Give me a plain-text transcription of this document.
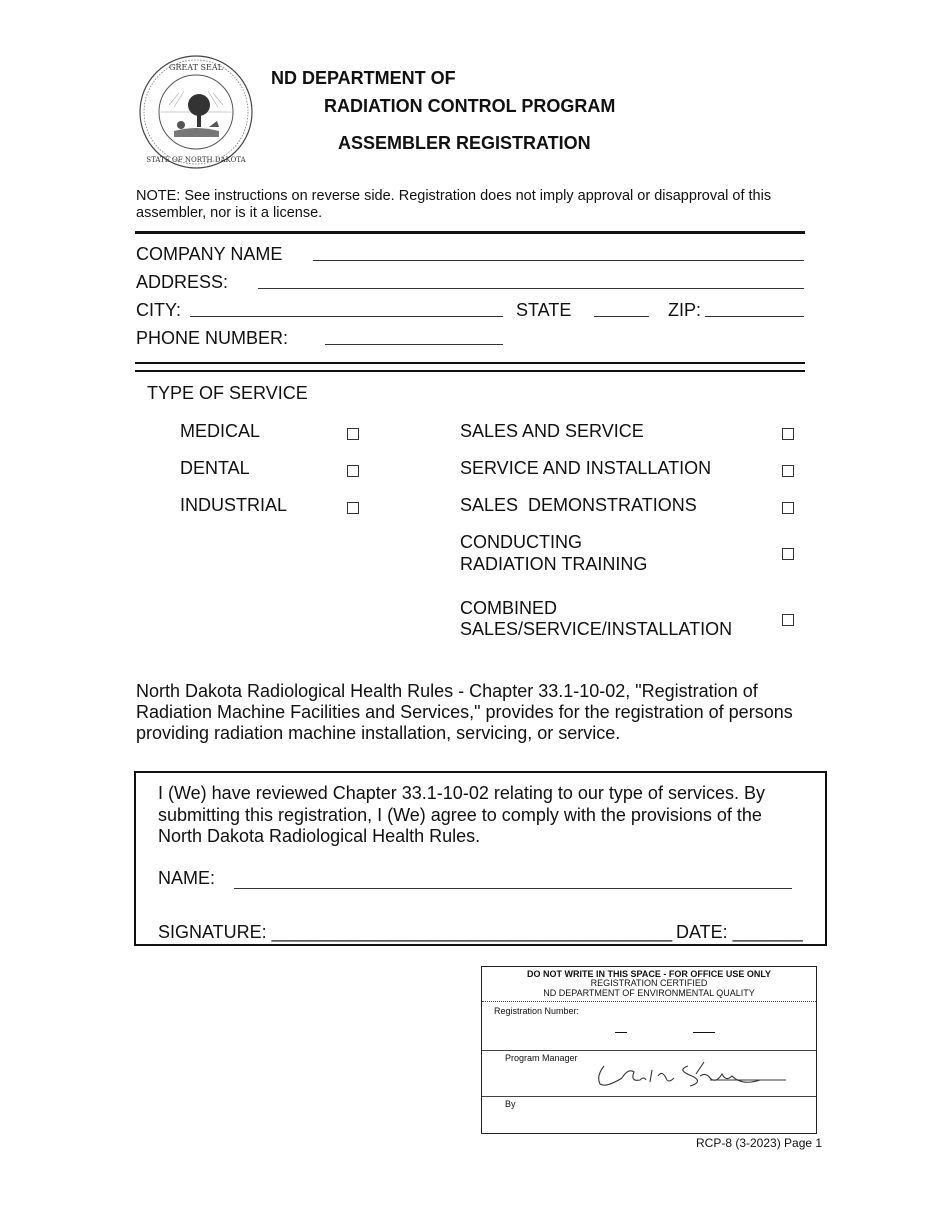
GREAT SEAL
STATE OF NORTH DAKOTA
ND DEPARTMENT OF
RADIATION CONTROL PROGRAM
ASSEMBLER REGISTRATION
NOTE: See instructions on reverse side. Registration does not imply approval or disapproval of this assembler, nor is it a license.
COMPANY NAME
ADDRESS:
CITY:	STATE	ZIP:
PHONE NUMBER:
TYPE OF SERVICE
MEDICAL
DENTAL
INDUSTRIAL
SALES AND SERVICE
SERVICE AND INSTALLATION
SALES  DEMONSTRATIONS
CONDUCTING
RADIATION TRAINING
COMBINED
SALES/SERVICE/INSTALLATION
North Dakota Radiological Health Rules - Chapter 33.1-10-02, "Registration of Radiation Machine Facilities and Services," provides for the registration of persons providing radiation machine installation, servicing, or service.
I (We) have reviewed Chapter 33.1-10-02 relating to our type of services. By submitting this registration, I (We) agree to comply with the provisions of the North Dakota Radiological Health Rules.
NAME:
SIGNATURE: ________________________________________ DATE: _______
DO NOT WRITE IN THIS SPACE - FOR OFFICE USE ONLY
REGISTRATION CERTIFIED
ND DEPARTMENT OF ENVIRONMENTAL QUALITY
Registration Number:
Program Manager
By
RCP-8 (3-2023) Page 1
